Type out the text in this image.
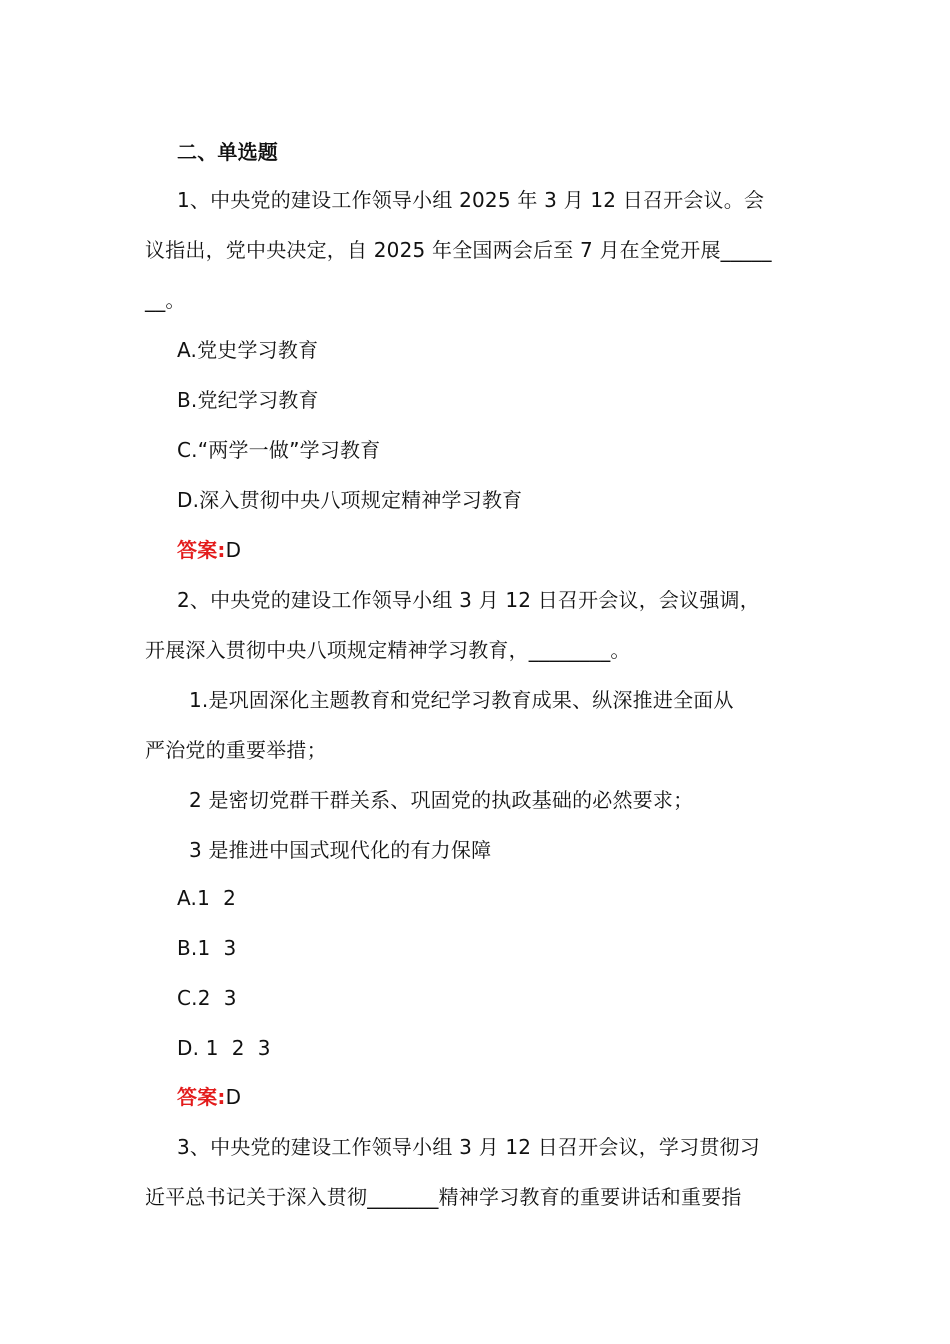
二、单选题
1、中央党的建设工作领导小组 2025 年 3 月 12 日召开会议。会
议指出，党中央决定，自 2025 年全国两会后至 7 月在全党开展_____
__。
A.党史学习教育
B.党纪学习教育
C.“两学一做”学习教育
D.深入贯彻中央八项规定精神学习教育
答案:D
2、中央党的建设工作领导小组 3 月 12 日召开会议，会议强调，
开展深入贯彻中央八项规定精神学习教育，________。
1.是巩固深化主题教育和党纪学习教育成果、纵深推进全面从
严治党的重要举措；
2 是密切党群干群关系、巩固党的执政基础的必然要求；
3 是推进中国式现代化的有力保障
A.1  2
B.1  3
C.2  3
D. 1  2  3
答案:D
3、中央党的建设工作领导小组 3 月 12 日召开会议，学习贯彻习
近平总书记关于深入贯彻_______精神学习教育的重要讲话和重要指
